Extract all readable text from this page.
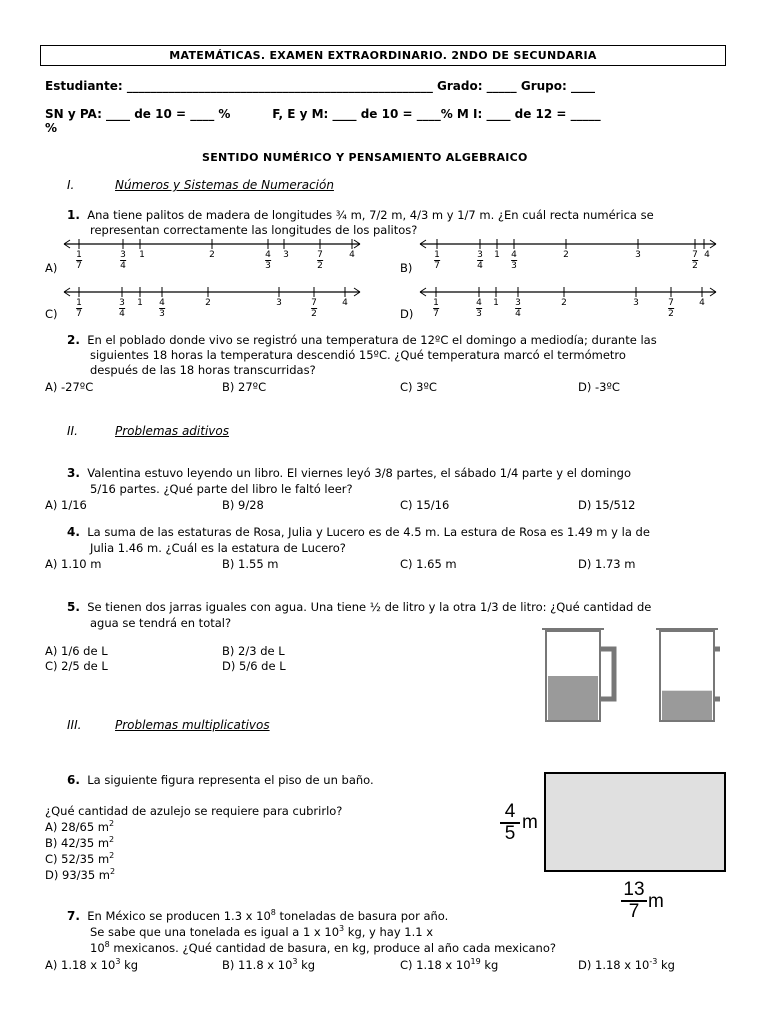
MATEMÁTICAS. EXAMEN EXTRAORDINARIO. 2NDO DE SECUNDARIA
Estudiante: ___________________________________________________ Grado: _____ Grupo: ____
SN y PA: ____ de 10 = ____ %          F, E y M: ____ de 10 = ____% M I: ____ de 12 = _____
%
SENTIDO NUMÉRICO Y PENSAMIENTO ALGEBRAICO
I.	Números y Sistemas de Numeración
1. Ana tiene palitos de madera de longitudes ¾ m, 7/2 m, 4/3 m y 1/7 m. ¿En cuál recta numérica se
representan correctamente las longitudes de los palitos?
1
7
3
4
1	2	4
3
3	7
2
4
A)
1
7
3
4
1 4
3
2	3	7
2
4
B)
1
7
3
4
1 4
3
2	3	7
2
4
C)
1
7
4
3
1 3
4
2	3	7
2
4
D)
2. En el poblado donde vivo se registró una temperatura de 12ºC el domingo a mediodía; durante las
siguientes 18 horas la temperatura descendió 15ºC. ¿Qué temperatura marcó el termómetro
después de las 18 horas transcurridas?
A) -27ºC	B) 27ºC	C) 3ºC	D) -3ºC
II.	Problemas aditivos
3. Valentina estuvo leyendo un libro. El viernes leyó 3/8 partes, el sábado 1/4 parte y el domingo
5/16 partes. ¿Qué parte del libro le faltó leer?
A) 1/16	B) 9/28	C) 15/16	D) 15/512
4. La suma de las estaturas de Rosa, Julia y Lucero es de 4.5 m. La estura de Rosa es 1.49 m y la de
Julia 1.46 m. ¿Cuál es la estatura de Lucero?
A) 1.10 m	B) 1.55 m	C) 1.65 m	D) 1.73 m
5. Se tienen dos jarras iguales con agua. Una tiene ½ de litro y la otra 1/3 de litro: ¿Qué cantidad de
agua se tendrá en total?
A) 1/6 de L	B) 2/3 de L
C) 2/5 de L	D) 5/6 de L
III.	Problemas multiplicativos
6. La siguiente figura representa el piso de un baño.
¿Qué cantidad de azulejo se requiere para cubrirlo?
A) 28/65 $m^2$
B) 42/35 $m^2$
C) 52/35 $m^2$
D) 93/35 $m^2$
$\frac{4}{5}$ m
$\frac{13}{7}$ m
7. En México se producen 1.3 x $10^8$ toneladas de basura por año.
Se sabe que una tonelada es igual a 1 x $10^3$ kg, y hay 1.1 x
$10^8$ mexicanos. ¿Qué cantidad de basura, en kg, produce al año cada mexicano?
A) 1.18 x $10^3$ kg	B) 11.8 x $10^3$ kg	C) 1.18 x $10^{19}$ kg	D) 1.18 x $10^{-3}$ kg
